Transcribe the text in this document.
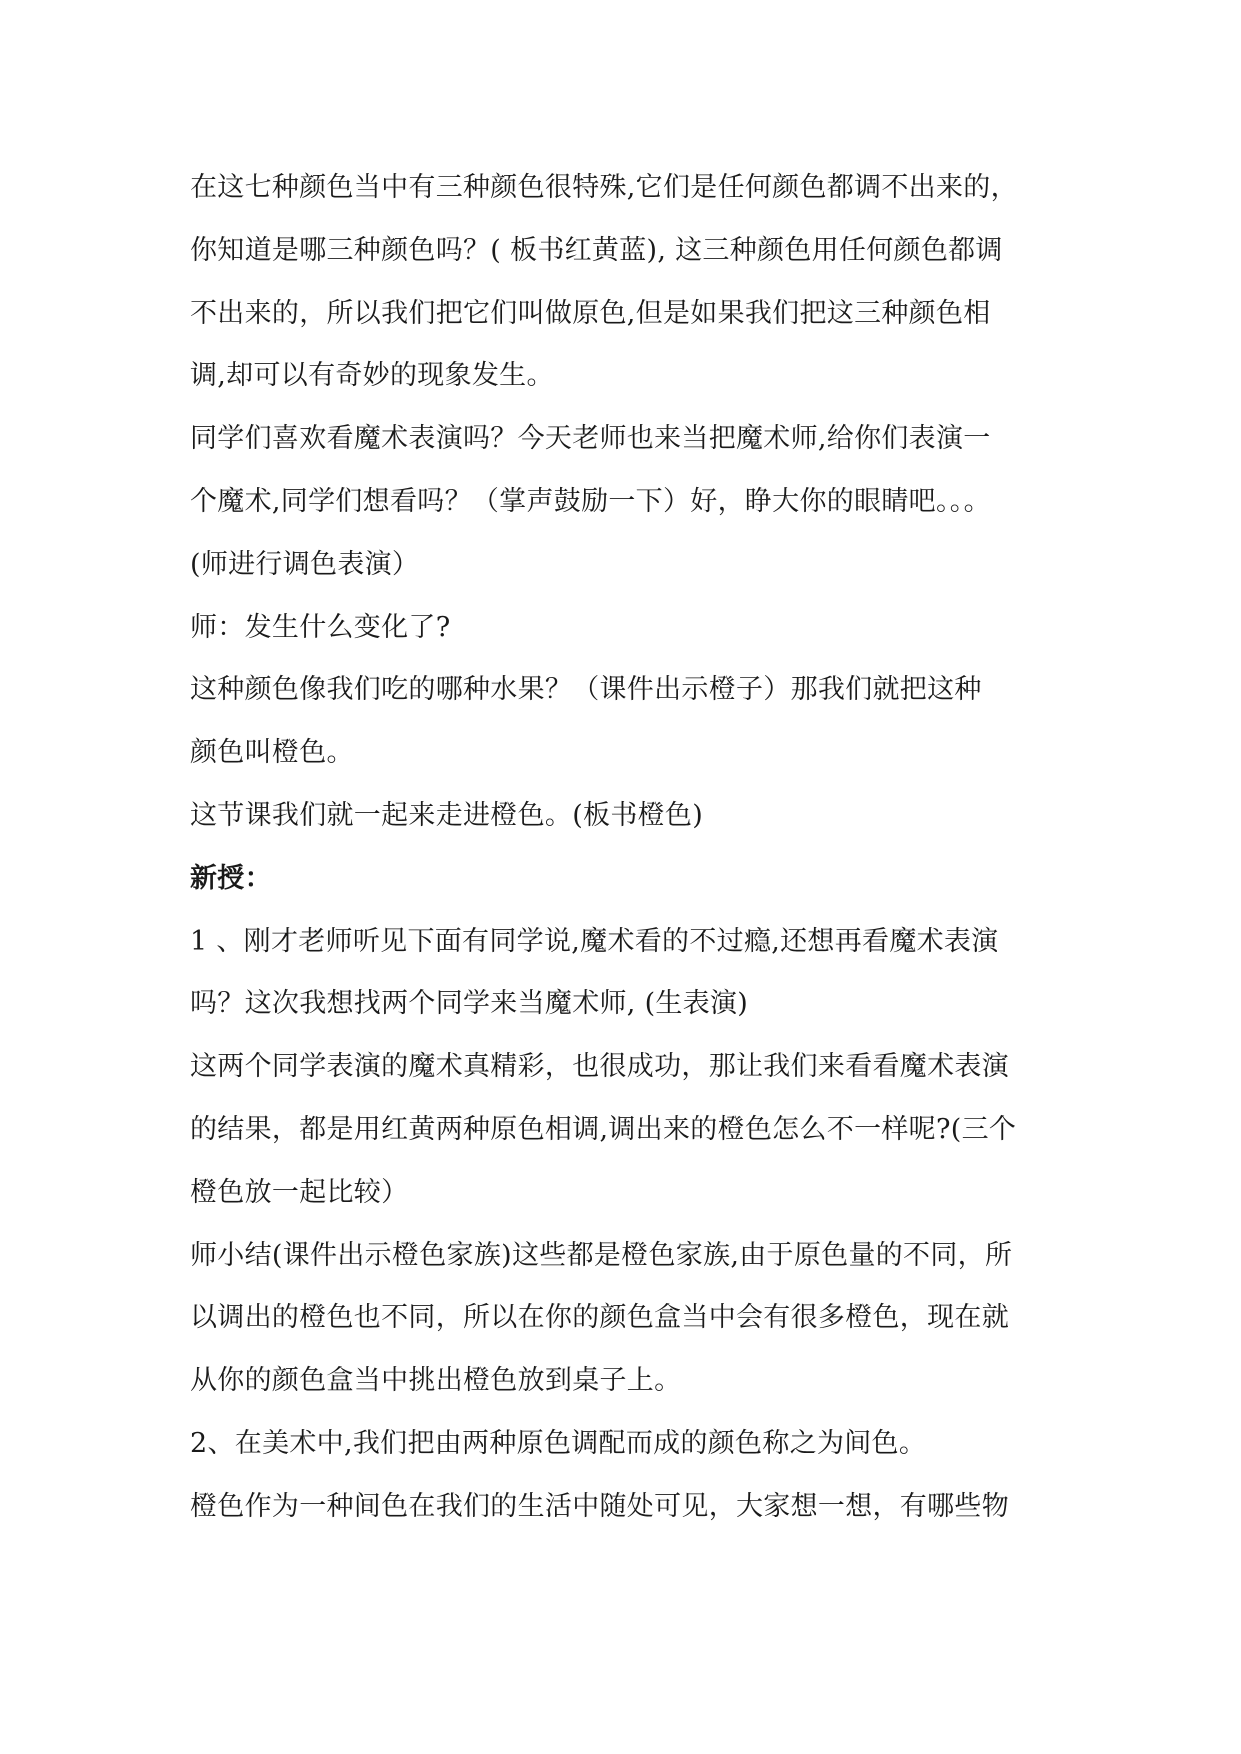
在这七种颜色当中有三种颜色很特殊,它们是任何颜色都调不出来的，
你知道是哪三种颜色吗？( 板书红黄蓝), 这三种颜色用任何颜色都调
不出来的，所以我们把它们叫做原色,但是如果我们把这三种颜色相
调,却可以有奇妙的现象发生。
同学们喜欢看魔术表演吗？今天老师也来当把魔术师,给你们表演一
个魔术,同学们想看吗？（掌声鼓励一下）好，睁大你的眼睛吧。。。
(师进行调色表演）
师：发生什么变化了?
这种颜色像我们吃的哪种水果？（课件出示橙子）那我们就把这种
颜色叫橙色。
这节课我们就一起来走进橙色。(板书橙色)
新授：
1 、刚才老师听见下面有同学说,魔术看的不过瘾,还想再看魔术表演
吗？这次我想找两个同学来当魔术师, (生表演)
这两个同学表演的魔术真精彩，也很成功，那让我们来看看魔术表演
的结果，都是用红黄两种原色相调,调出来的橙色怎么不一样呢?(三个
橙色放一起比较）
师小结(课件出示橙色家族)这些都是橙色家族,由于原色量的不同，所
以调出的橙色也不同，所以在你的颜色盒当中会有很多橙色，现在就
从你的颜色盒当中挑出橙色放到桌子上。
2、在美术中,我们把由两种原色调配而成的颜色称之为间色。
橙色作为一种间色在我们的生活中随处可见，大家想一想，有哪些物
